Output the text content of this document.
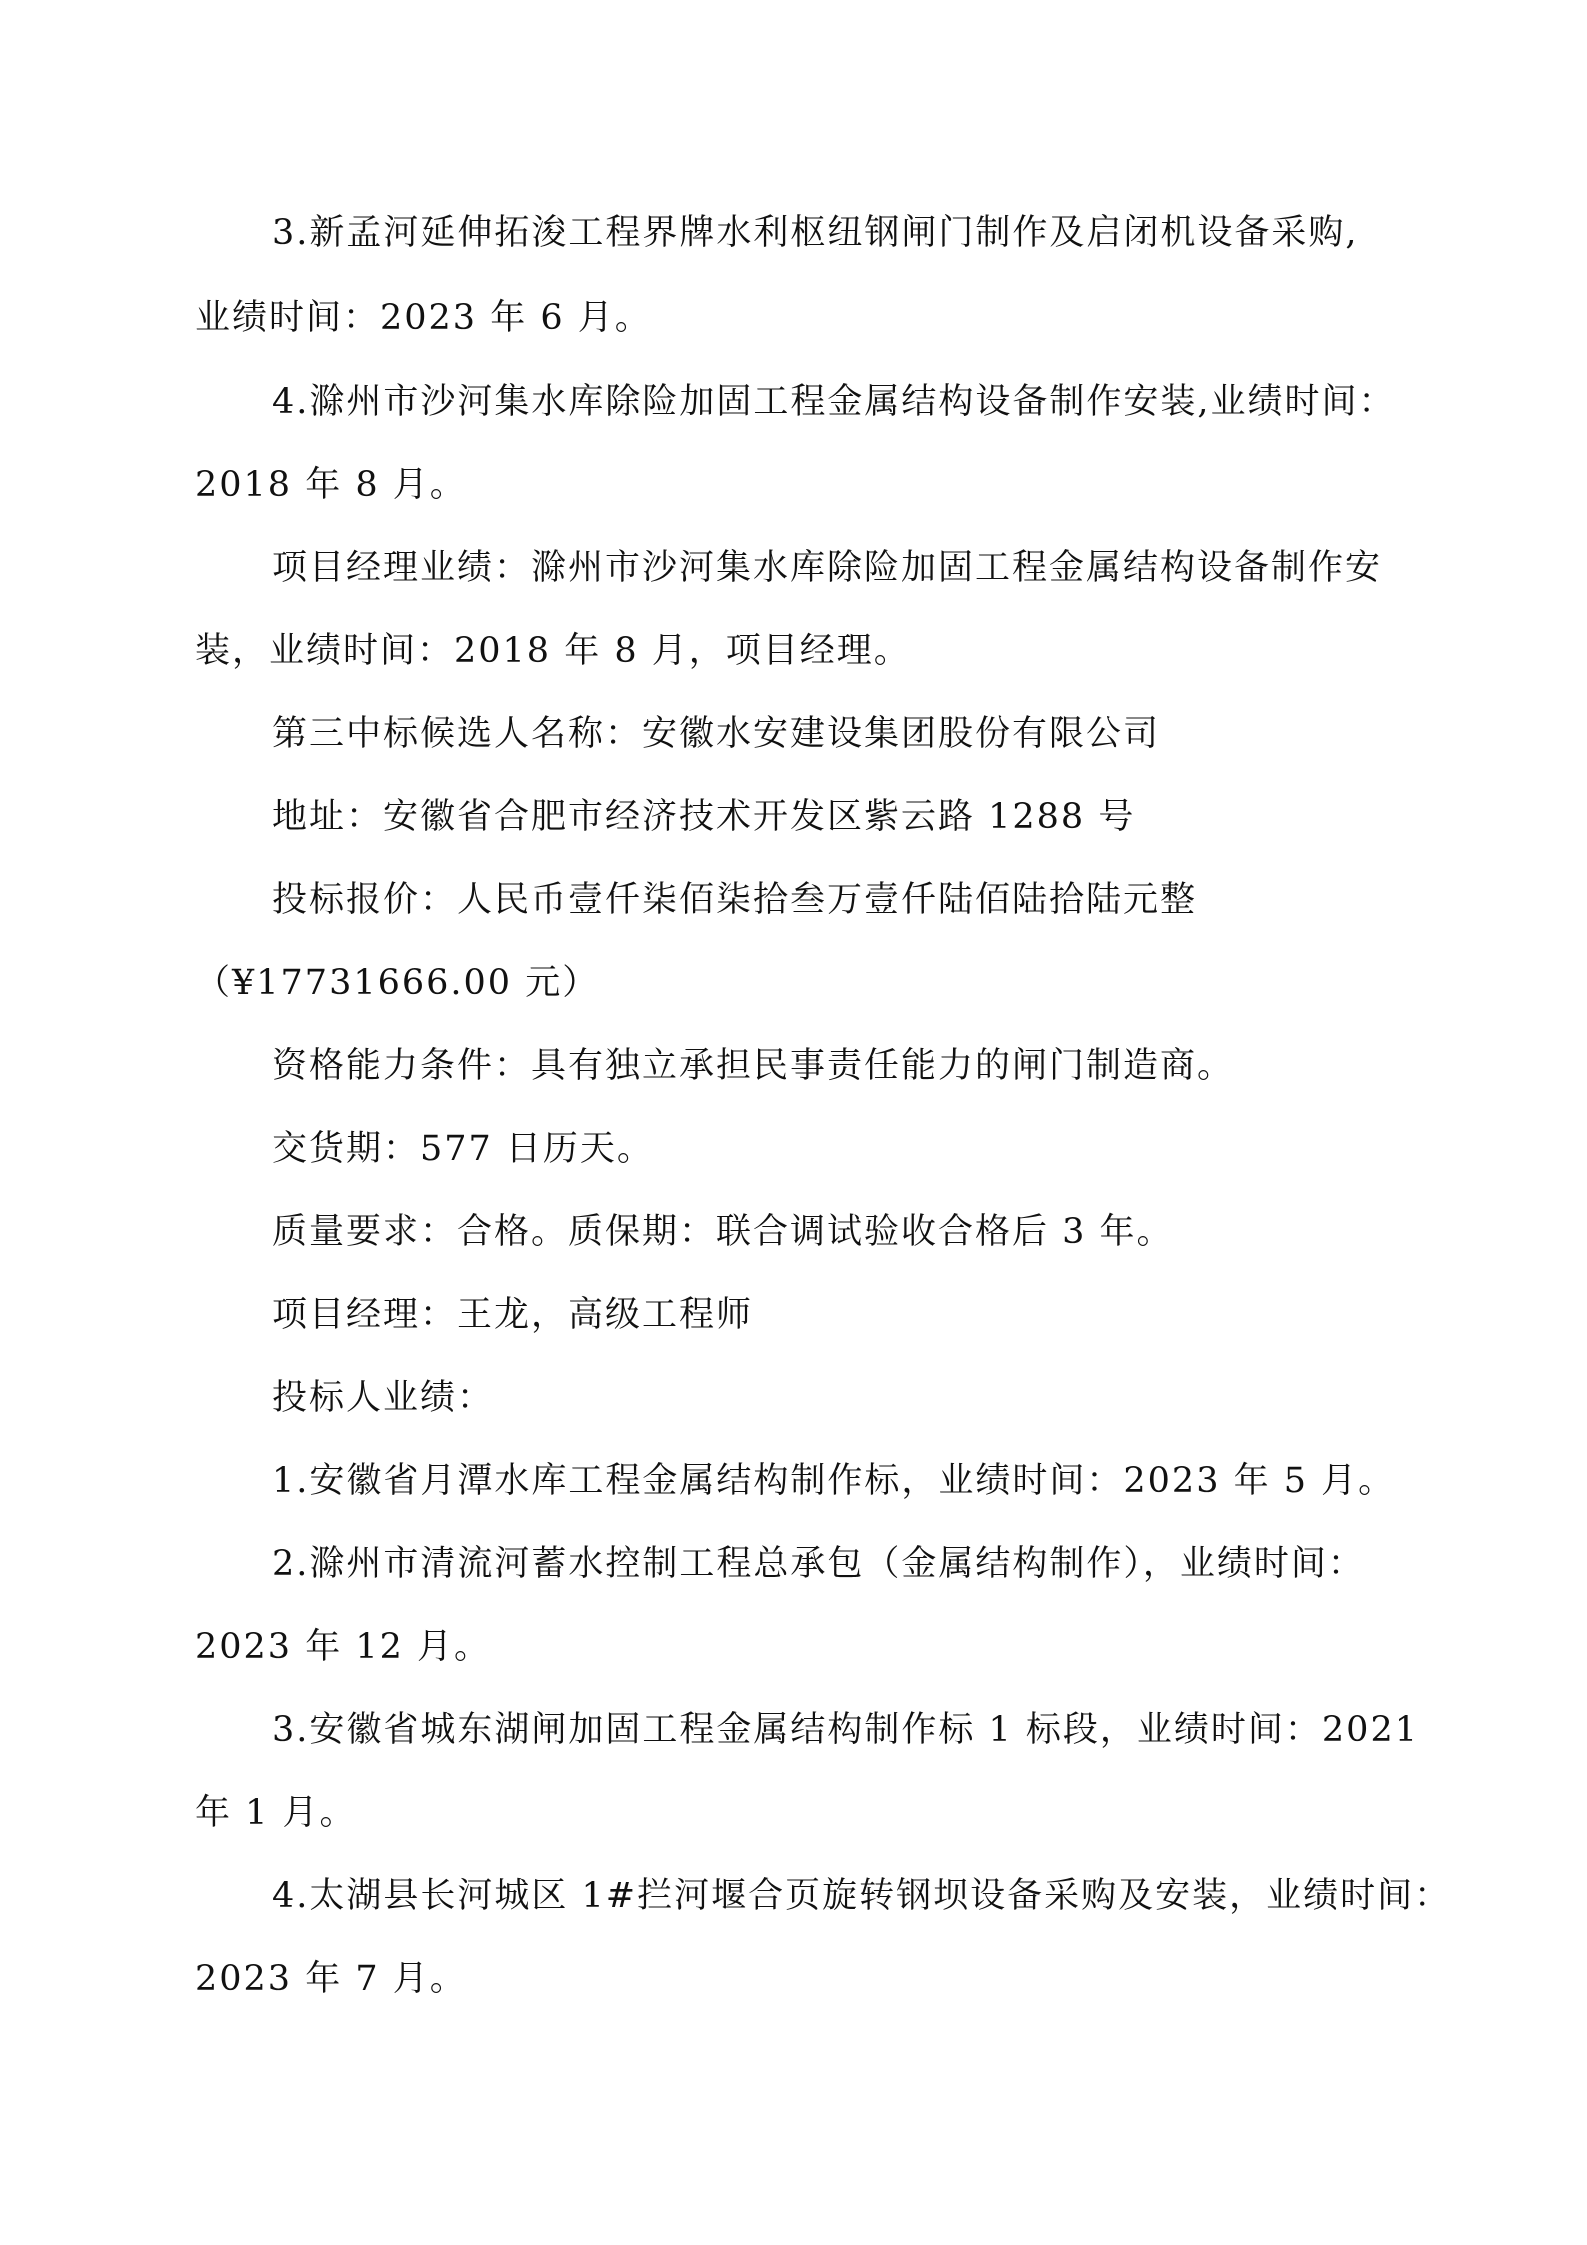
3.新孟河延伸拓浚工程界牌水利枢纽钢闸门制作及启闭机设备采购,
业绩时间：2023 年 6 月。
4.滁州市沙河集水库除险加固工程金属结构设备制作安装,业绩时间：
2018 年 8 月。
项目经理业绩：滁州市沙河集水库除险加固工程金属结构设备制作安
装，业绩时间：2018 年 8 月，项目经理。
第三中标候选人名称：安徽水安建设集团股份有限公司
地址：安徽省合肥市经济技术开发区紫云路 1288 号
投标报价：人民币壹仟柒佰柒拾叁万壹仟陆佰陆拾陆元整
（¥17731666.00 元）
资格能力条件：具有独立承担民事责任能力的闸门制造商。
交货期：577 日历天。
质量要求：合格。质保期：联合调试验收合格后 3 年。
项目经理：王龙，高级工程师
投标人业绩：
1.安徽省月潭水库工程金属结构制作标，业绩时间：2023 年 5 月。
2.滁州市清流河蓄水控制工程总承包（金属结构制作），业绩时间：
2023 年 12 月。
3.安徽省城东湖闸加固工程金属结构制作标 1 标段，业绩时间：2021
年 1 月。
4.太湖县长河城区 1#拦河堰合页旋转钢坝设备采购及安装，业绩时间：
2023 年 7 月。
